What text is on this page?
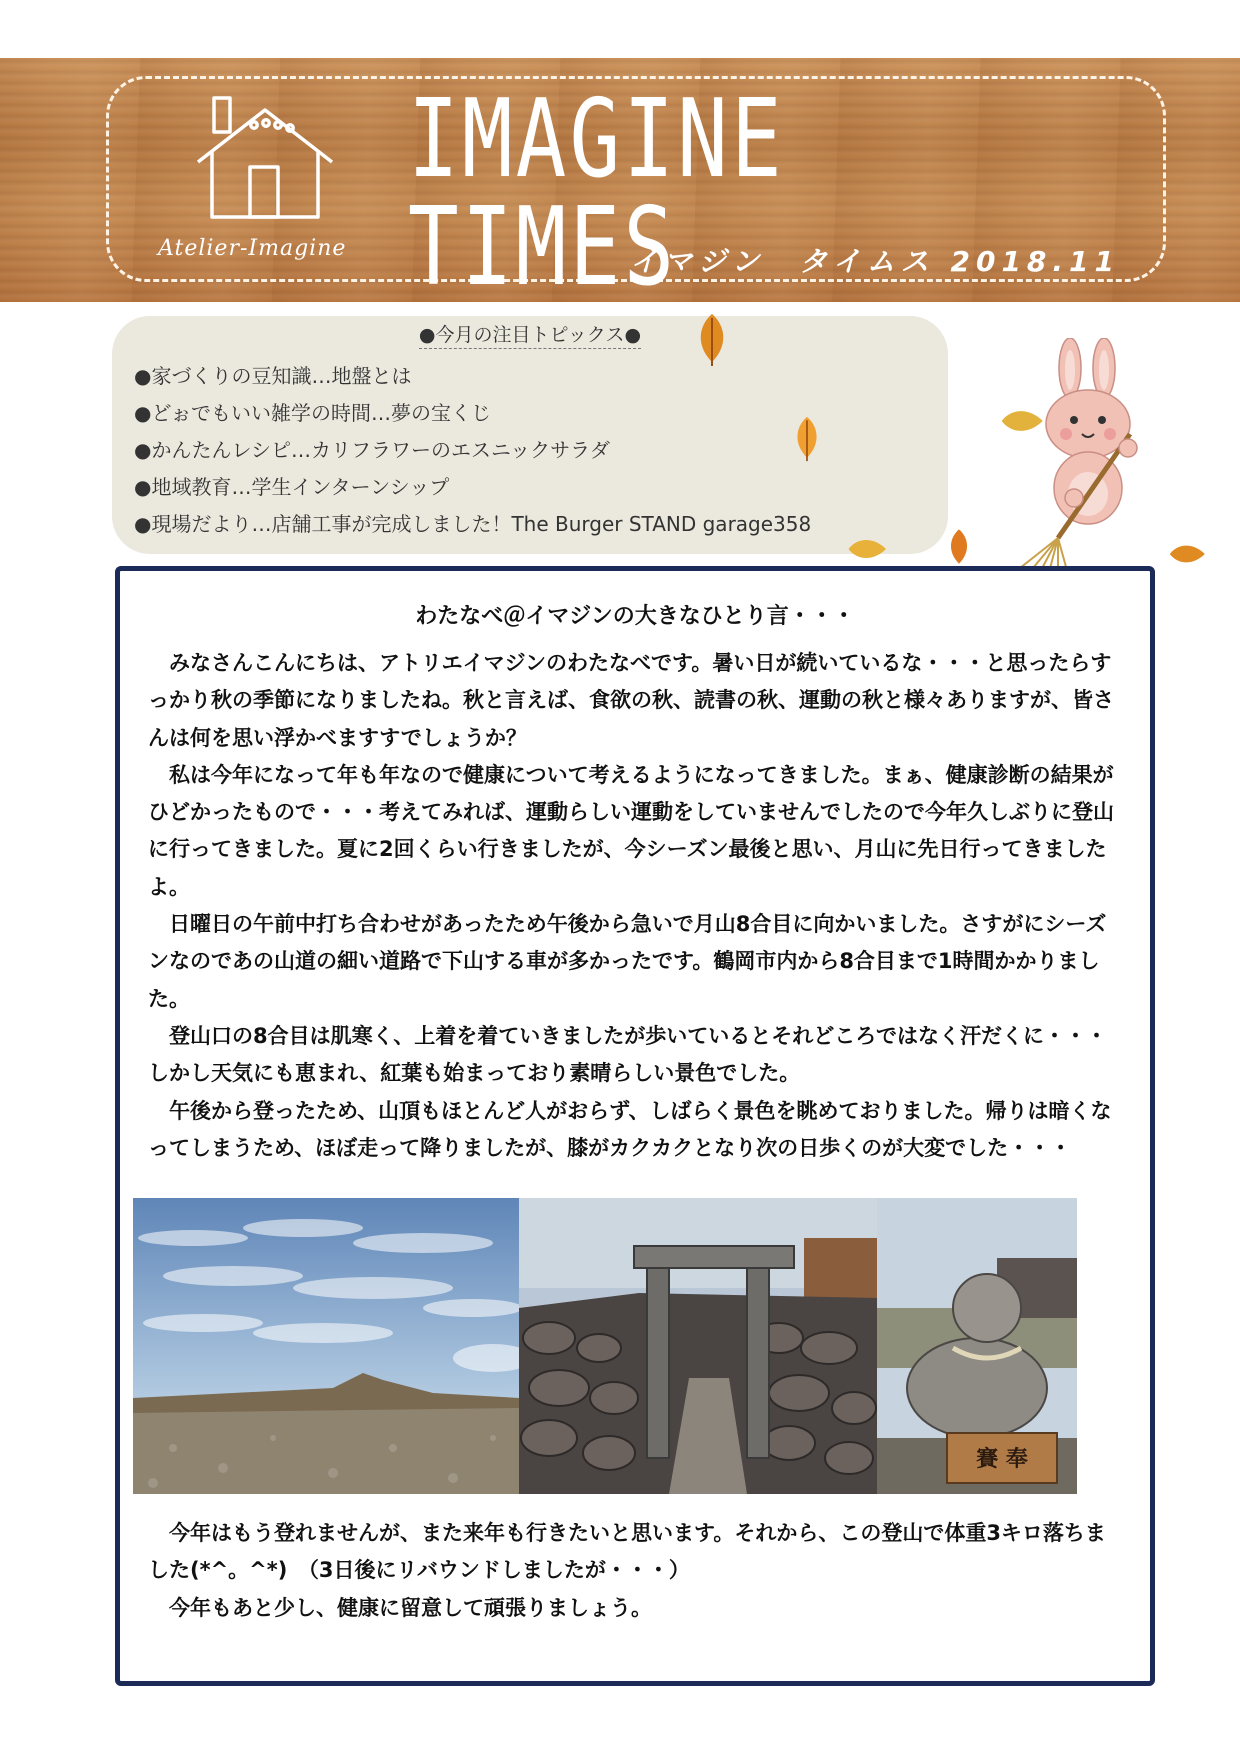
Atelier-Imagine
IMAGINE TIMES
イマジン　タイムス 2018.11
●今月の注目トピックス●
●家づくりの豆知識…地盤とは
●どぉでもいい雑学の時間…夢の宝くじ
●かんたんレシピ…カリフラワーのエスニックサラダ
●地域教育…学生インターンシップ
●現場だより…店舗工事が完成しました！The Burger STAND garage358
わたなべ＠イマジンの大きなひとり言・・・

みなさんこんにちは、アトリエイマジンのわたなべです。暑い日が続いているな・・・と思ったらすっかり秋の季節になりましたね。秋と言えば、食欲の秋、読書の秋、運動の秋と様々ありますが、皆さんは何を思い浮かべますすでしょうか？

私は今年になって年も年なので健康について考えるようになってきました。まぁ、健康診断の結果がひどかったもので・・・考えてみれば、運動らしい運動をしていませんでしたので今年久しぶりに登山に行ってきました。夏に2回くらい行きましたが、今シーズン最後と思い、月山に先日行ってきましたよ。

日曜日の午前中打ち合わせがあったため午後から急いで月山8合目に向かいました。さすがにシーズンなのであの山道の細い道路で下山する車が多かったです。鶴岡市内から8合目まで1時間かかりました。

登山口の8合目は肌寒く、上着を着ていきましたが歩いているとそれどころではなく汗だくに・・・しかし天気にも恵まれ、紅葉も始まっており素晴らしい景色でした。

午後から登ったため、山頂もほとんど人がおらず、しばらく景色を眺めておりました。帰りは暗くなってしまうため、ほぼ走って降りましたが、膝がカクカクとなり次の日歩くのが大変でした・・・

賽 奉

今年はもう登れませんが、また来年も行きたいと思います。それから、この登山で体重3キロ落ちました(*^。^*)　（3日後にリバウンドしましたが・・・）

今年もあと少し、健康に留意して頑張りましょう。
